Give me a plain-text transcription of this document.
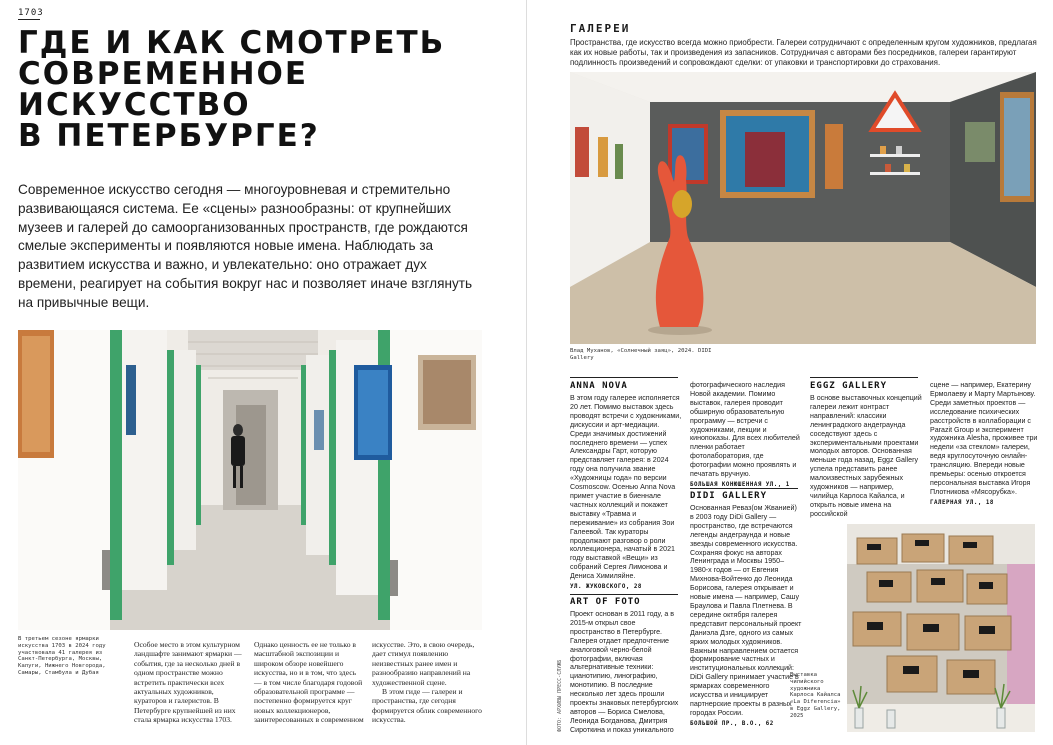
1703
ГДЕ И КАК СМОТРЕТЬ
СОВРЕМЕННОЕ
ИСКУССТВО
В ПЕТЕРБУРГЕ?

Современное искусство сегодня — многоуровневая и стремительно развивающаяся система. Ее «сцены» разнообразны: от крупнейших музеев и галерей до самоорганизованных пространств, где рождаются смелые эксперименты и появляются новые имена. Наблюдать за развитием искусства и важно, и увлекательно: оно отражает дух времени, реагирует на события вокруг нас и позволяет иначе взглянуть на привычные вещи.

В третьем сезоне ярмарки искусства 1703 в 2024 году участвовала 41 галерея из Санкт-Петербурга, Москвы, Калуги, Нижнего Новгорода, Самары, Стамбула и Дубая

Особое место в этом культурном ландшафте занимают ярмарки — события, где за несколько дней в одном пространстве можно встретить практически всех актуальных художников, кураторов и галеристов. В Петербурге крупнейшей из них стала ярмарка искусства 1703.

Однако ценность ее не только в масштабной экспозиции и широком обзоре новейшего искусства, но и в том, что здесь — в том числе благодаря годовой образовательной программе — постепенно формируется круг новых коллекционеров, заинтересованных в современном

искусстве. Это, в свою очередь, дает стимул появлению неизвестных ранее имен и разнообразию направлений на художественной сцене.

В этом гиде — галереи и пространства, где сегодня формируется облик современного искусства.

ГАЛЕРЕИ

Пространства, где искусство всегда можно приобрести. Галереи сотрудничают с определенным кругом художников, предлагая как их новые работы, так и произведения из запасников. Сотрудничая с авторами без посредников, галереи гарантируют подлинность произведений и сопровождают сделки: от упаковки и транспортировки до страхования.

Влад Муханов, «Солнечный заяц», 2024. DIDI Gallery
ФОТО: АРХИВЫ ПРЕСС-СЛУЖБ
ANNA NOVA

В этом году галерее исполняется 20 лет. Помимо выставок здесь проводят встречи с художниками, дискуссии и арт-медиации. Среди значимых достижений последнего времени — успех Александры Гарт, которую представляет галерея: в 2024 году она получила звание «Художницы года» по версии Cosmoscow. Осенью Anna Nova примет участие в биеннале частных коллекций и покажет выставку «Травма и переживание» из собрания Зои Галеевой. Так кураторы продолжают разговор о роли коллекционера, начатый в 2021 году выставкой «Вещи» из собраний Сергея Лимонова и Дениса Химиляйне.

УЛ. ЖУКОВСКОГО, 28
ART OF FOTO

Проект основан в 2011 году, а в 2015-м открыл свое пространство в Петербурге. Галерея отдает предпочтение аналоговой черно-белой фотографии, включая альтернативные техники: цианотипию, линографию, монотипию. В последние несколько лет здесь прошли проекты знаковых петербургских авторов — Бориса Смелова, Леонида Богданова, Дмитрия Сироткина и показ уникального

фотографического наследия Новой академии. Помимо выставок, галерея проводит обширную образовательную программу — встречи с художниками, лекции и кинопоказы. Для всех любителей пленки работает фотолаборатория, где фотографии можно проявлять и печатать вручную.

БОЛЬШАЯ КОНЮШЕННАЯ УЛ., 1
DIDI GALLERY

Основанная Реваз(ом Жванией) в 2003 году DiDi Gallery — пространство, где встречаются легенды андеграунда и новые звезды современного искусства. Сохраняя фокус на авторах Ленинграда и Москвы 1950–1980-х годов — от Евгения Михнова-Войтенко до Леонида Борисова, галерея открывает и новые имена — например, Сашу Браулова и Павла Плетнева. В середине октября галерея представит персональный проект Даниэла Дзге, одного из самых ярких молодых художников. Важным направлением остается формирование частных и институциональных коллекций: DiDi Gallery принимает участие в ярмарках современного искусства и инициирует партнерские проекты в разных городах России.

БОЛЬШОЙ ПР., В.О., 62
EGGZ GALLERY

В основе выставочных концепций галереи лежит контраст направлений: классики ленинградского андеграунда соседствуют здесь с экспериментальными проектами молодых авторов. Основанная меньше года назад, Eggz Gallery успела представить ранее малоизвестных зарубежных художников — например, чилийца Карлоса Кайалса, и открыть новые имена на российской

сцене — например, Екатерину Ермолаеву и Марту Мартынову. Среди заметных проектов — исследование психических расстройств в коллаборации с Parazit Group и эксперимент художника Alesha, проживее три недели «за стеклом» галереи, ведя круглосуточную онлайн-трансляцию. Впереди новые премьеры: осенью откроется персональная выставка Игоря Плотникова «Мясорубка».

ГАЛЕРНАЯ УЛ., 18
Выставка чилийского художника Карлоса Кайалса «La Diferencia» в Eggz Gallery, 2025
